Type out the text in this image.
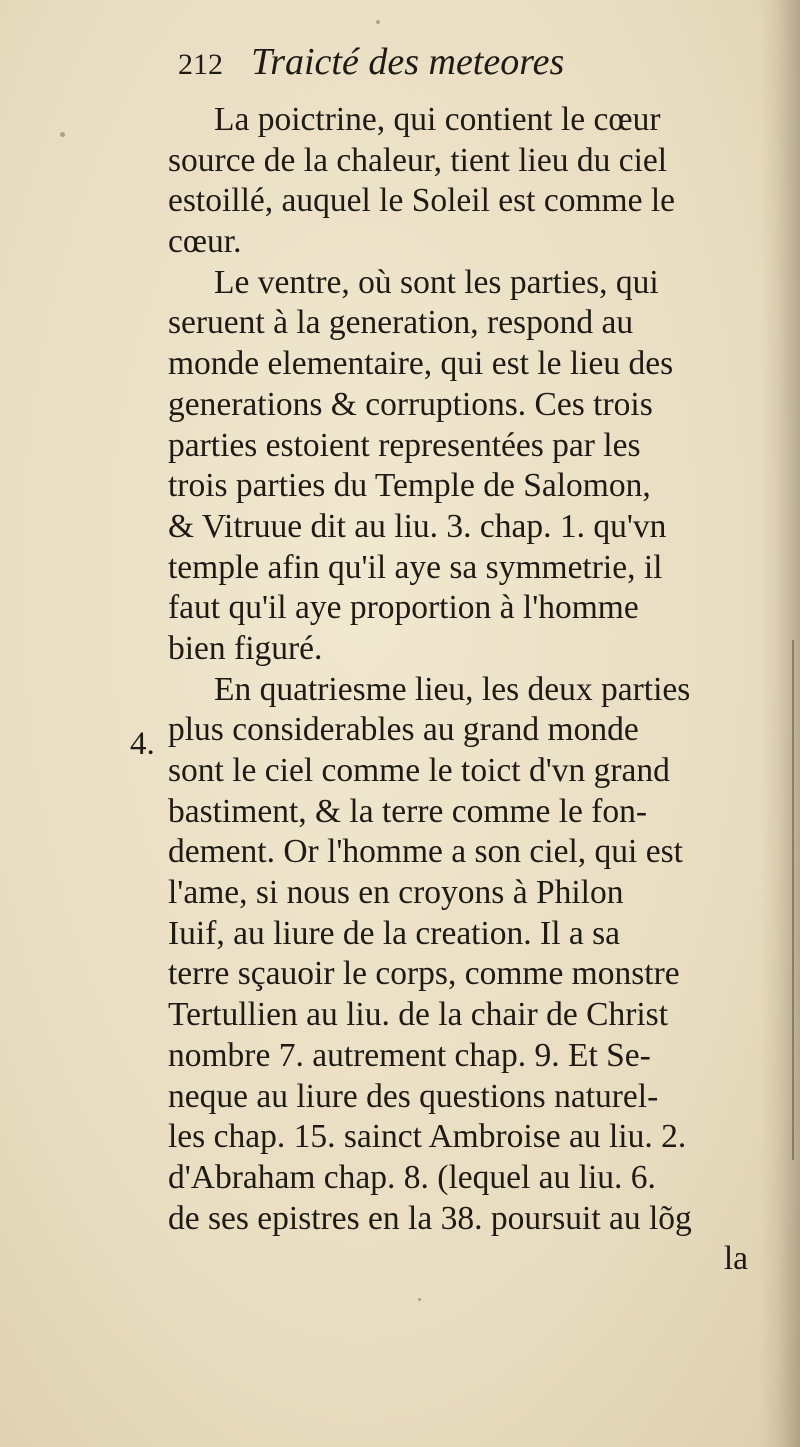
212 Traicté des meteores
4.
La poictrine, qui contient le cœur
source de la chaleur, tient lieu du ciel
estoillé, auquel le Soleil est comme le
cœur.
Le ventre, où sont les parties, qui
seruent à la generation, respond au
monde elementaire, qui est le lieu des
generations & corruptions. Ces trois
parties estoient representées par les
trois parties du Temple de Salomon,
& Vitruue dit au liu. 3. chap. 1. qu'vn
temple afin qu'il aye sa symmetrie, il
faut qu'il aye proportion à l'homme
bien figuré.
En quatriesme lieu, les deux parties
plus considerables au grand monde
sont le ciel comme le toict d'vn grand
bastiment, & la terre comme le fon-
dement. Or l'homme a son ciel, qui est
l'ame, si nous en croyons à Philon
Iuif, au liure de la creation. Il a sa
terre sçauoir le corps, comme monstre
Tertullien au liu. de la chair de Christ
nombre 7. autrement chap. 9. Et Se-
neque au liure des questions naturel-
les chap. 15. sainct Ambroise au liu. 2.
d'Abraham chap. 8. (lequel au liu. 6.
de ses epistres en la 38. poursuit au lõg
la
